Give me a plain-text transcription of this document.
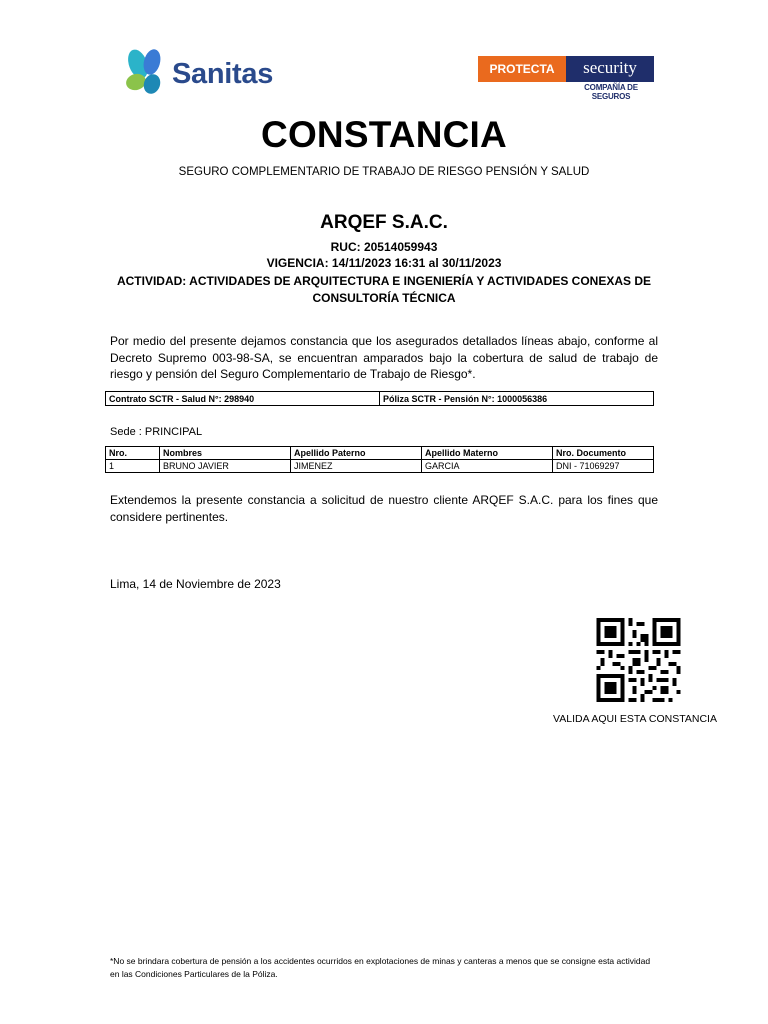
Sanitas	PROTECTA	security
COMPAÑÍA DE SEGUROS
CONSTANCIA
SEGURO COMPLEMENTARIO DE TRABAJO DE RIESGO PENSIÓN Y SALUD
ARQEF S.A.C.
RUC: 20514059943
VIGENCIA: 14/11/2023 16:31 al 30/11/2023
ACTIVIDAD: ACTIVIDADES DE ARQUITECTURA E INGENIERÍA Y ACTIVIDADES CONEXAS DE CONSULTORÍA TÉCNICA
Por medio del presente dejamos constancia que los asegurados detallados líneas abajo, conforme al Decreto Supremo 003-98-SA, se encuentran amparados bajo la cobertura de salud de trabajo de riesgo y pensión del Seguro Complementario de Trabajo de Riesgo*.
Contrato SCTR - Salud N°: 298940	Póliza SCTR - Pensión N°: 1000056386
Sede : PRINCIPAL
Nro.	Nombres	Apellido Paterno	Apellido Materno	Nro. Documento
1	BRUNO JAVIER	JIMENEZ	GARCIA	DNI - 71069297
Extendemos la presente constancia a solicitud de nuestro cliente ARQEF S.A.C. para los fines que considere pertinentes.
Lima, 14 de Noviembre de 2023
VALIDA AQUI ESTA CONSTANCIA
*No se brindara cobertura de pensión a los accidentes ocurridos en explotaciones de minas y canteras a menos que se consigne esta actividad en las Condiciones Particulares de la Póliza.
